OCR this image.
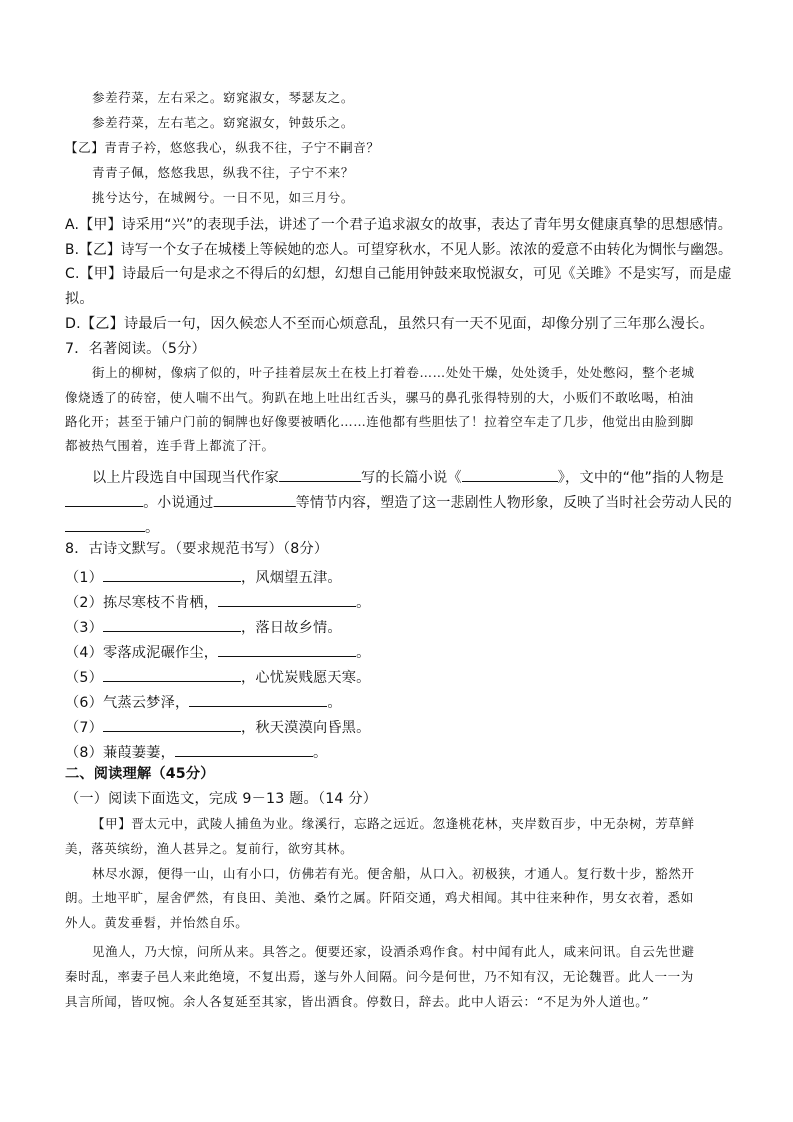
参差荇菜，左右采之。窈窕淑女，琴瑟友之。
参差荇菜，左右芼之。窈窕淑女，钟鼓乐之。
【乙】青青子衿，悠悠我心，纵我不往，子宁不嗣音？
青青子佩，悠悠我思，纵我不往，子宁不来？
挑兮达兮，在城阙兮。一日不见，如三月兮。
A.【甲】诗采用“兴”的表现手法，讲述了一个君子追求淑女的故事，表达了青年男女健康真挚的思想感情。
B.【乙】诗写一个女子在城楼上等候她的恋人。可望穿秋水，不见人影。浓浓的爱意不由转化为惆怅与幽怨。
C.【甲】诗最后一句是求之不得后的幻想，幻想自己能用钟鼓来取悦淑女，可见《关雎》不是实写，而是虚
拟。
D.【乙】诗最后一句，因久候恋人不至而心烦意乱，虽然只有一天不见面，却像分别了三年那么漫长。
7．名著阅读。（5分）
街上的柳树，像病了似的，叶子挂着层灰土在枝上打着卷……处处干燥，处处烫手，处处憋闷，整个老城
像烧透了的砖窑，使人喘不出气。狗趴在地上吐出红舌头，骡马的鼻孔张得特别的大，小贩们不敢吆喝，柏油
路化开；甚至于铺户门前的铜牌也好像要被晒化……连他都有些胆怯了！拉着空车走了几步，他觉出由脸到脚
都被热气围着，连手背上都流了汗。
以上片段选自中国现当代作家	写的长篇小说《	》，文中的“他”指的人物是
。小说通过	等情节内容，塑造了这一悲剧性人物形象，反映了当时社会劳动人民的
。
8．古诗文默写。（要求规范书写）（8分）
（1）	，风烟望五津。
（2）拣尽寒枝不肯栖，	。
（3）	，落日故乡情。
（4）零落成泥碾作尘，	。
（5）	，心忧炭贱愿天寒。
（6）气蒸云梦泽，	。
（7）	，秋天漠漠向昏黑。
（8）蒹葭萋萋，	。
二、阅读理解（45分）
（一）阅读下面选文，完成 9－13 题。（14 分）
【甲】晋太元中，武陵人捕鱼为业。缘溪行，忘路之远近。忽逢桃花林，夹岸数百步，中无杂树，芳草鲜
美，落英缤纷，渔人甚异之。复前行，欲穷其林。
林尽水源，便得一山，山有小口，仿佛若有光。便舍船，从口入。初极狭，才通人。复行数十步，豁然开
朗。土地平旷，屋舍俨然，有良田、美池、桑竹之属。阡陌交通，鸡犬相闻。其中往来种作，男女衣着，悉如
外人。黄发垂髫，并怡然自乐。
见渔人，乃大惊，问所从来。具答之。便要还家，设酒杀鸡作食。村中闻有此人，咸来问讯。自云先世避
秦时乱，率妻子邑人来此绝境，不复出焉，遂与外人间隔。问今是何世，乃不知有汉，无论魏晋。此人一一为
具言所闻，皆叹惋。余人各复延至其家，皆出酒食。停数日，辞去。此中人语云：“不足为外人道也。”
